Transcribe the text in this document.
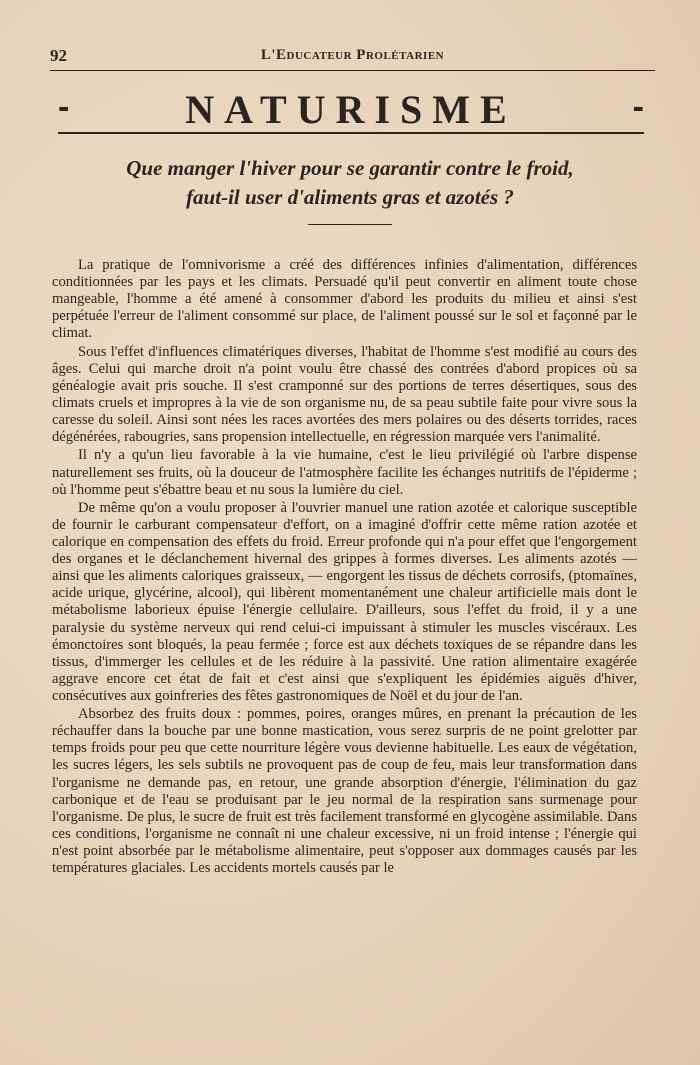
92	L'Educateur Prolétarien
-	NATURISME	-
Que manger l'hiver pour se garantir contre le froid,
faut-il user d'aliments gras et azotés ?

La pratique de l'omnivorisme a créé des différences infinies d'alimentation, différences conditionnées par les pays et les climats. Persuadé qu'il peut convertir en aliment toute chose mangeable, l'homme a été amené à consommer d'abord les produits du milieu et ainsi s'est perpétuée l'erreur de l'aliment consommé sur place, de l'aliment poussé sur le sol et façonné par le climat.

Sous l'effet d'influences climatériques diverses, l'habitat de l'homme s'est modifié au cours des âges. Celui qui marche droit n'a point voulu être chassé des contrées d'abord propices où sa généalogie avait pris souche. Il s'est cramponné sur des portions de terres désertiques, sous des climats cruels et impropres à la vie de son organisme nu, de sa peau subtile faite pour vivre sous la caresse du soleil. Ainsi sont nées les races avortées des mers polaires ou des déserts torrides, races dégénérées, rabougries, sans propension intellectuelle, en régression marquée vers l'animalité.

Il n'y a qu'un lieu favorable à la vie humaine, c'est le lieu privilégié où l'arbre dispense naturellement ses fruits, où la douceur de l'atmosphère facilite les échanges nutritifs de l'épiderme ; où l'homme peut s'ébattre beau et nu sous la lumière du ciel.

De même qu'on a voulu proposer à l'ouvrier manuel une ration azotée et calorique susceptible de fournir le carburant compensateur d'effort, on a imaginé d'offrir cette même ration azotée et calorique en compensation des effets du froid. Erreur profonde qui n'a pour effet que l'engorgement des organes et le déclanchement hivernal des grippes à formes diverses. Les aliments azotés — ainsi que les aliments caloriques graisseux, — engorgent les tissus de déchets corrosifs, (ptomaïnes, acide urique, glycérine, alcool), qui libèrent momentanément une chaleur artificielle mais dont le métabolisme laborieux épuise l'énergie cellulaire. D'ailleurs, sous l'effet du froid, il y a une paralysie du système nerveux qui rend celui-ci impuissant à stimuler les muscles viscéraux. Les émonctoires sont bloqués, la peau fermée ; force est aux déchets toxiques de se répandre dans les tissus, d'immerger les cellules et de les réduire à la passivité. Une ration alimentaire exagérée aggrave encore cet état de fait et c'est ainsi que s'expliquent les épidémies aiguës d'hiver, consécutives aux goinfreries des fêtes gastronomiques de Noël et du jour de l'an.

Absorbez des fruits doux : pommes, poires, oranges mûres, en prenant la précaution de les réchauffer dans la bouche par une bonne mastication, vous serez surpris de ne point grelotter par temps froids pour peu que cette nourriture légère vous devienne habituelle. Les eaux de végétation, les sucres légers, les sels subtils ne provoquent pas de coup de feu, mais leur transformation dans l'organisme ne demande pas, en retour, une grande absorption d'énergie, l'élimination du gaz carbonique et de l'eau se produisant par le jeu normal de la respiration sans surmenage pour l'organisme. De plus, le sucre de fruit est très facilement transformé en glycogène assimilable. Dans ces conditions, l'organisme ne connaît ni une chaleur excessive, ni un froid intense ; l'énergie qui n'est point absorbée par le métabolisme alimentaire, peut s'opposer aux dommages causés par les températures glaciales. Les accidents mortels causés par le
